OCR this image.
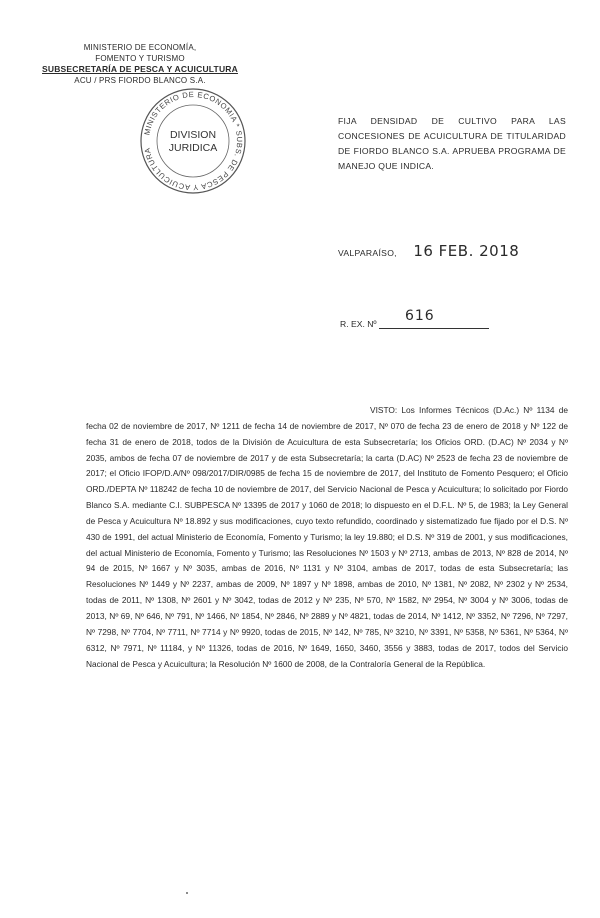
MINISTERIO DE ECONOMÍA,
FOMENTO Y TURISMO
SUBSECRETARÍA DE PESCA Y ACUICULTURA
ACU / PRS FIORDO BLANCO S.A.
MINISTERIO DE ECONOMIA * SUBS. DE PESCA Y ACUICULTURA
DIVISION
JURIDICA
FIJA DENSIDAD DE CULTIVO PARA LAS CONCESIONES DE ACUICULTURA DE TITULARIDAD DE FIORDO BLANCO S.A. APRUEBA PROGRAMA DE MANEJO QUE INDICA.
VALPARAÍSO, 16 FEB. 2018
R. EX. Nº 616
VISTO: Los Informes Técnicos (D.Ac.) Nº 1134 de fecha 02 de noviembre de 2017, Nº 1211 de fecha 14 de noviembre de 2017, Nº 070 de fecha 23 de enero de 2018 y Nº 122 de fecha 31 de enero de 2018, todos de la División de Acuicultura de esta Subsecretaría; los Oficios ORD. (D.AC) Nº 2034 y Nº 2035, ambos de fecha 07 de noviembre de 2017 y de esta Subsecretaría; la carta (D.AC) Nº 2523 de fecha 23 de noviembre de 2017; el Oficio IFOP/D.A/Nº 098/2017/DIR/0985 de fecha 15 de noviembre de 2017, del Instituto de Fomento Pesquero; el Oficio ORD./DEPTA Nº 118242 de fecha 10 de noviembre de 2017, del Servicio Nacional de Pesca y Acuicultura; lo solicitado por Fiordo Blanco S.A. mediante C.I. SUBPESCA Nº 13395 de 2017 y 1060 de 2018; lo dispuesto en el D.F.L. Nº 5, de 1983; la Ley General de Pesca y Acuicultura Nº 18.892 y sus modificaciones, cuyo texto refundido, coordinado y sistematizado fue fijado por el D.S. Nº 430 de 1991, del actual Ministerio de Economía, Fomento y Turismo; la ley 19.880; el D.S. Nº 319 de 2001, y sus modificaciones, del actual Ministerio de Economía, Fomento y Turismo; las Resoluciones Nº 1503 y Nº 2713, ambas de 2013, Nº 828 de 2014, Nº 94 de 2015, Nº 1667 y Nº 3035, ambas de 2016, Nº 1131 y Nº 3104, ambas de 2017, todas de esta Subsecretaría; las Resoluciones Nº 1449 y Nº 2237, ambas de 2009, Nº 1897 y Nº 1898, ambas de 2010, Nº 1381, Nº 2082, Nº 2302 y Nº 2534, todas de 2011, Nº 1308, Nº 2601 y Nº 3042, todas de 2012 y Nº 235, Nº 570, Nº 1582, Nº 2954, Nº 3004 y Nº 3006, todas de 2013, Nº 69, Nº 646, Nº 791, Nº 1466, Nº 1854, Nº 2846, Nº 2889 y Nº 4821, todas de 2014, Nº 1412, Nº 3352, Nº 7296, Nº 7297, Nº 7298, Nº 7704, Nº 7711, Nº 7714 y Nº 9920, todas de 2015, Nº 142, Nº 785, Nº 3210, Nº 3391, Nº 5358, Nº 5361, Nº 5364, Nº 6312, Nº 7971, Nº 11184, y Nº 11326, todas de 2016, Nº 1649, 1650, 3460, 3556 y 3883, todas de 2017, todos del Servicio Nacional de Pesca y Acuicultura; la Resolución Nº 1600 de 2008, de la Contraloría General de la República.
